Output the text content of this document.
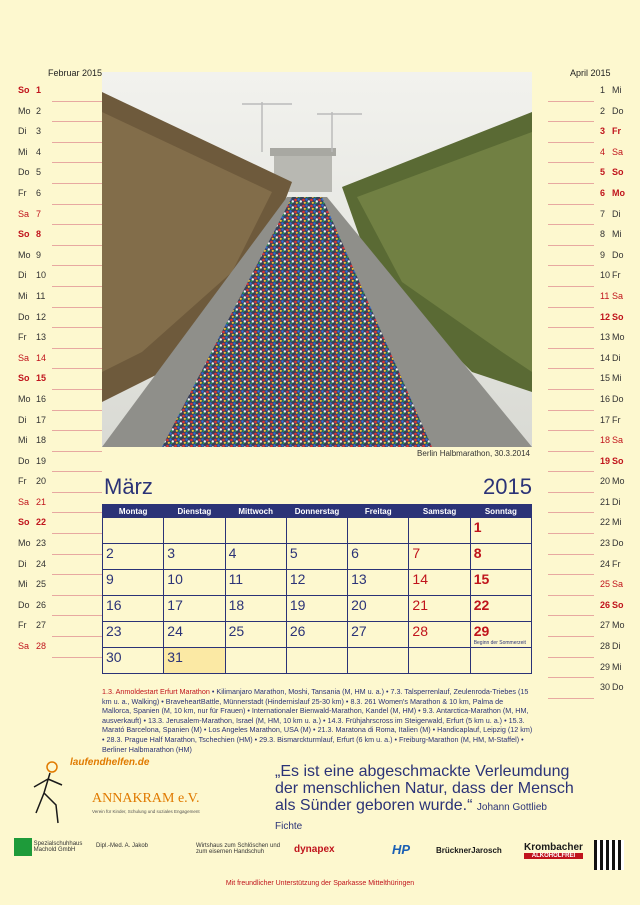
Februar 2015
So 1
Mo 2
Di 3
Mi 4
Do 5
Fr 6
Sa 7
So 8
Mo 9
Di 10
Mi 11
Do 12
Fr 13
Sa 14
So 15
Mo 16
Di 17
Mi 18
Do 19
Fr 20
Sa 21
So 22
Mo 23
Di 24
Mi 25
Do 26
Fr 27
Sa 28
April 2015
1 Mi
2 Do
3 Fr
4 Sa
5 So
6 Mo
7 Di
8 Mi
9 Do
10 Fr
11 Sa
12 So
13 Mo
14 Di
15 Mi
16 Do
17 Fr
18 Sa
19 So
20 Mo
21 Di
22 Mi
23 Do
24 Fr
25 Sa
26 So
27 Mo
28 Di
29 Mi
30 Do
Berlin Halbmarathon, 30.3.2014
März	2015
Montag	Dienstag	Mittwoch	Donnerstag	Freitag	Samstag	Sonntag
						1
2	3	4	5	6	7	8
9	10	11	12	13	14	15
16	17	18	19	20	21	22
23	24	25	26	27	28	29
Beginn der Sommerzeit

30	31					
1.3. Anmoldestart Erfurt Marathon • Kilimanjaro Marathon, Moshi, Tansania (M, HM u. a.) • 7.3. Talsperrenlauf, Zeulenroda-Triebes (15 km u. a., Walking) • BraveheartBattle, Münnerstadt (Hindernislauf 25-30 km) • 8.3. 261 Women's Marathon & 10 km, Palma de Mallorca, Spanien (M, 10 km, nur für Frauen) • Internationaler Bienwald-Marathon, Kandel (M, HM) • 9.3. Antarctica-Marathon (M, HM, ausverkauft) • 13.3. Jerusalem-Marathon, Israel (M, HM, 10 km u. a.) • 14.3. Frühjahrscross im Steigerwald, Erfurt (5 km u. a.) • 15.3. Marató Barcelona, Spanien (M) • Los Angeles Marathon, USA (M) • 21.3. Maratona di Roma, Italien (M) • Handicaplauf, Leipzig (12 km) • 28.3. Prague Half Marathon, Tschechien (HM) • 29.3. Bismarckturmlauf, Erfurt (6 km u. a.) • Freiburg-Marathon (M, HM, M-Staffel) • Berliner Halbmarathon (HM)
laufendhelfen.de
ANNAKRAM e.V.
Verein für Kinder, Schulung und soziales Engagement
„Es ist eine abgeschmackte Verleumdung der menschlichen Natur, dass der Mensch als Sünder geboren wurde.“ Johann Gottlieb Fichte
Spezialschuhhaus Machold GmbH
Dipl.-Med. A. Jakob	Wirtshaus zum Schlöschen und zum eisernen Handschuh	dynapex	HP	BrücknerJarosch Krombacher
ALKOHOLFREI
Mit freundlicher Unterstützung der Sparkasse Mittelthüringen
